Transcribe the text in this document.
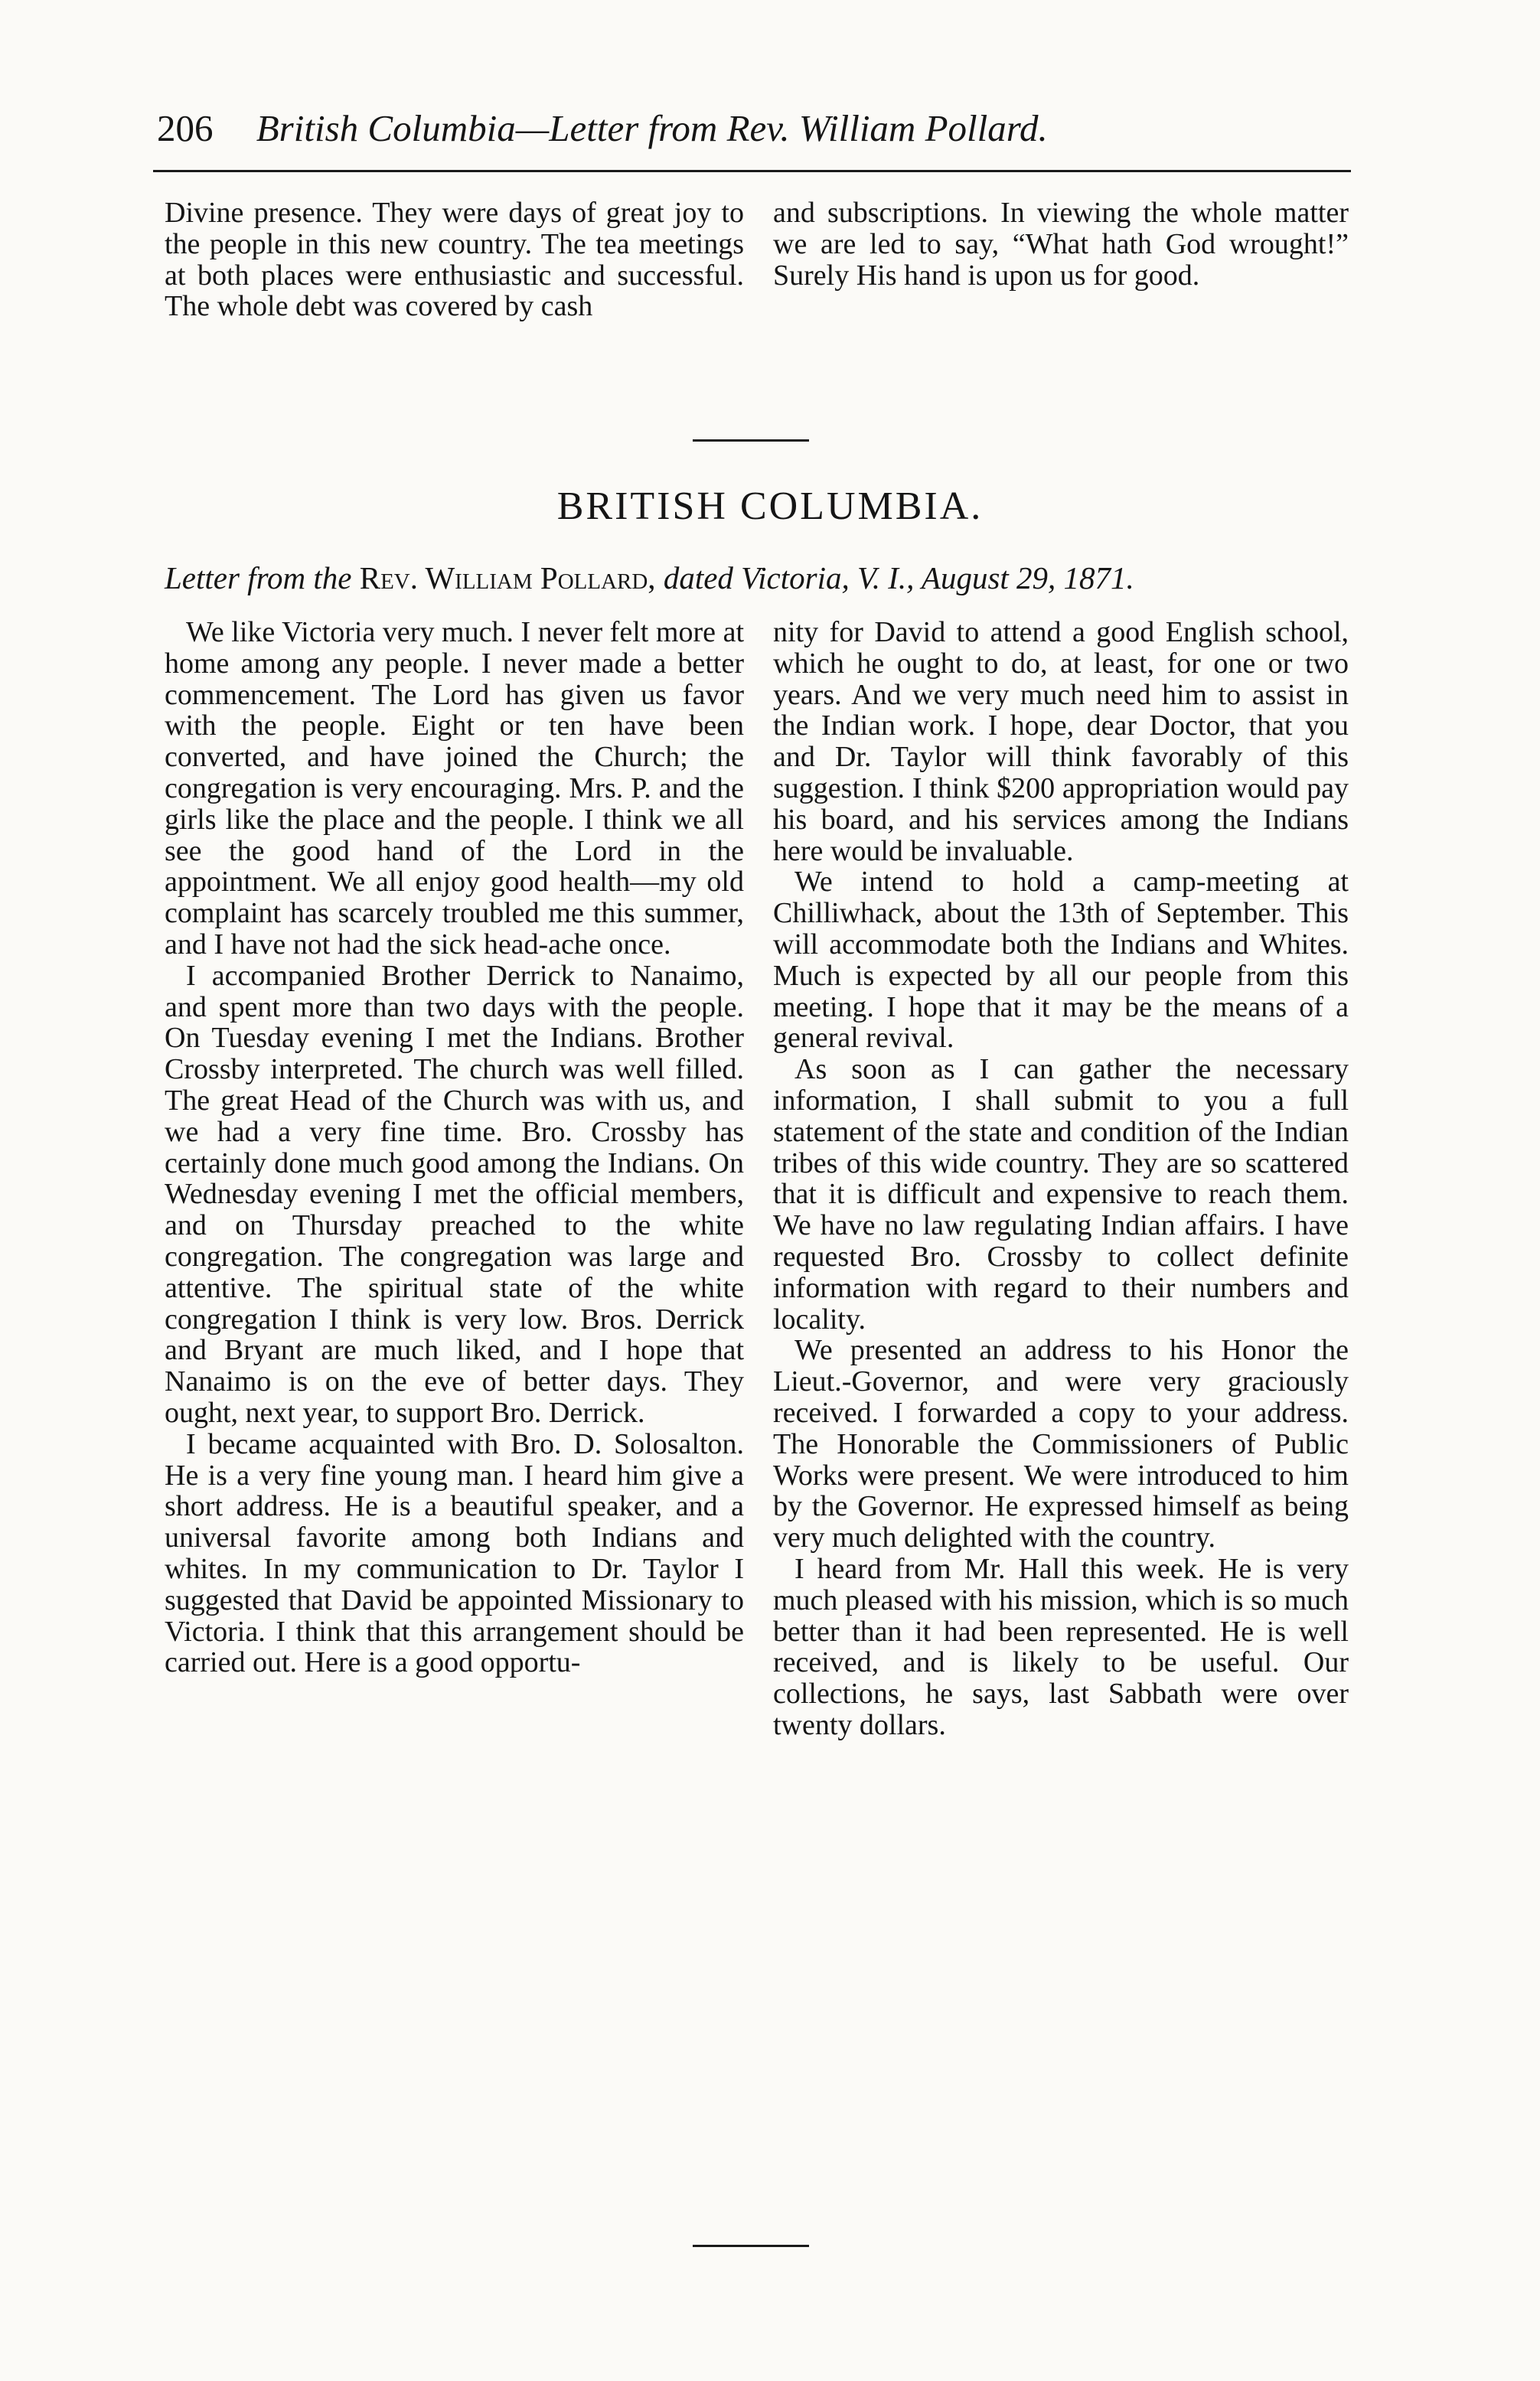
206 British Columbia—Letter from Rev. William Pollard.

Divine presence. They were days of great joy to the people in this new country. The tea meetings at both places were enthusiastic and successful. The whole debt was covered by cash

and subscriptions. In viewing the whole matter we are led to say, “What hath God wrought!” Surely His hand is upon us for good.

BRITISH COLUMBIA.
Letter from the Rev. William Pollard, dated Victoria, V. I., August 29, 1871.

We like Victoria very much. I never felt more at home among any people. I never made a better commencement. The Lord has given us favor with the people. Eight or ten have been converted, and have joined the Church; the congregation is very encouraging. Mrs. P. and the girls like the place and the people. I think we all see the good hand of the Lord in the appointment. We all enjoy good health—my old complaint has scarcely troubled me this summer, and I have not had the sick head-ache once.

I accompanied Brother Derrick to Nanaimo, and spent more than two days with the people. On Tuesday evening I met the Indians. Brother Crossby interpreted. The church was well filled. The great Head of the Church was with us, and we had a very fine time. Bro. Crossby has certainly done much good among the Indians. On Wednesday evening I met the official members, and on Thursday preached to the white congregation. The congregation was large and attentive. The spiritual state of the white congregation I think is very low. Bros. Derrick and Bryant are much liked, and I hope that Nanaimo is on the eve of better days. They ought, next year, to support Bro. Derrick.

I became acquainted with Bro. D. Solosalton. He is a very fine young man. I heard him give a short address. He is a beautiful speaker, and a universal favorite among both Indians and whites. In my communication to Dr. Taylor I suggested that David be appointed Missionary to Victoria. I think that this arrangement should be carried out. Here is a good opportu-

nity for David to attend a good English school, which he ought to do, at least, for one or two years. And we very much need him to assist in the Indian work. I hope, dear Doctor, that you and Dr. Taylor will think favorably of this suggestion. I think $200 appropriation would pay his board, and his services among the Indians here would be invaluable.

We intend to hold a camp-meeting at Chilliwhack, about the 13th of September. This will accommodate both the Indians and Whites. Much is expected by all our people from this meeting. I hope that it may be the means of a general revival.

As soon as I can gather the necessary information, I shall submit to you a full statement of the state and condition of the Indian tribes of this wide country. They are so scattered that it is difficult and expensive to reach them. We have no law regulating Indian affairs. I have requested Bro. Crossby to collect definite information with regard to their numbers and locality.

We presented an address to his Honor the Lieut.-Governor, and were very graciously received. I forwarded a copy to your address. The Honorable the Commissioners of Public Works were present. We were introduced to him by the Governor. He expressed himself as being very much delighted with the country.

I heard from Mr. Hall this week. He is very much pleased with his mission, which is so much better than it had been represented. He is well received, and is likely to be useful. Our collections, he says, last Sabbath were over twenty dollars.
